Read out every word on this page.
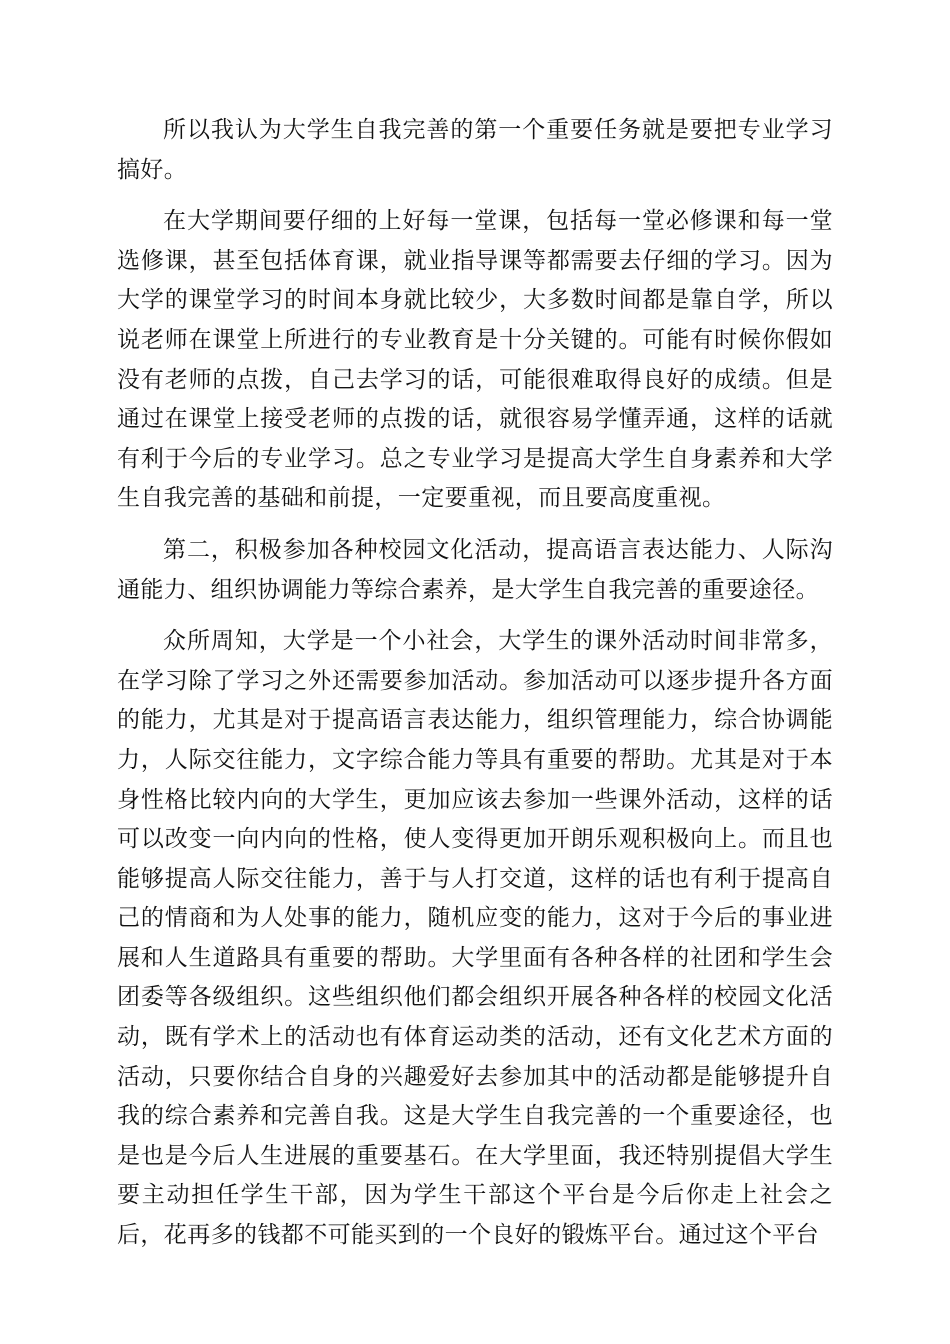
所以我认为大学生自我完善的第一个重要任务就是要把专业学习搞好。

在大学期间要仔细的上好每一堂课，包括每一堂必修课和每一堂选修课，甚至包括体育课，就业指导课等都需要去仔细的学习。因为大学的课堂学习的时间本身就比较少，大多数时间都是靠自学，所以说老师在课堂上所进行的专业教育是十分关键的。可能有时候你假如没有老师的点拨，自己去学习的话，可能很难取得良好的成绩。但是通过在课堂上接受老师的点拨的话，就很容易学懂弄通，这样的话就有利于今后的专业学习。总之专业学习是提高大学生自身素养和大学生自我完善的基础和前提，一定要重视，而且要高度重视。

第二，积极参加各种校园文化活动，提高语言表达能力、人际沟通能力、组织协调能力等综合素养，是大学生自我完善的重要途径。

众所周知，大学是一个小社会，大学生的课外活动时间非常多，在学习除了学习之外还需要参加活动。参加活动可以逐步提升各方面的能力，尤其是对于提高语言表达能力，组织管理能力，综合协调能力，人际交往能力，文字综合能力等具有重要的帮助。尤其是对于本身性格比较内向的大学生，更加应该去参加一些课外活动，这样的话可以改变一向内向的性格，使人变得更加开朗乐观积极向上。而且也能够提高人际交往能力，善于与人打交道，这样的话也有利于提高自己的情商和为人处事的能力，随机应变的能力，这对于今后的事业进展和人生道路具有重要的帮助。大学里面有各种各样的社团和学生会团委等各级组织。这些组织他们都会组织开展各种各样的校园文化活动，既有学术上的活动也有体育运动类的活动，还有文化艺术方面的活动，只要你结合自身的兴趣爱好去参加其中的活动都是能够提升自我的综合素养和完善自我。这是大学生自我完善的一个重要途径，也是也是今后人生进展的重要基石。在大学里面，我还特别提倡大学生要主动担任学生干部，因为学生干部这个平台是今后你走上社会之后，花再多的钱都不可能买到的一个良好的锻炼平台。通过这个平台
